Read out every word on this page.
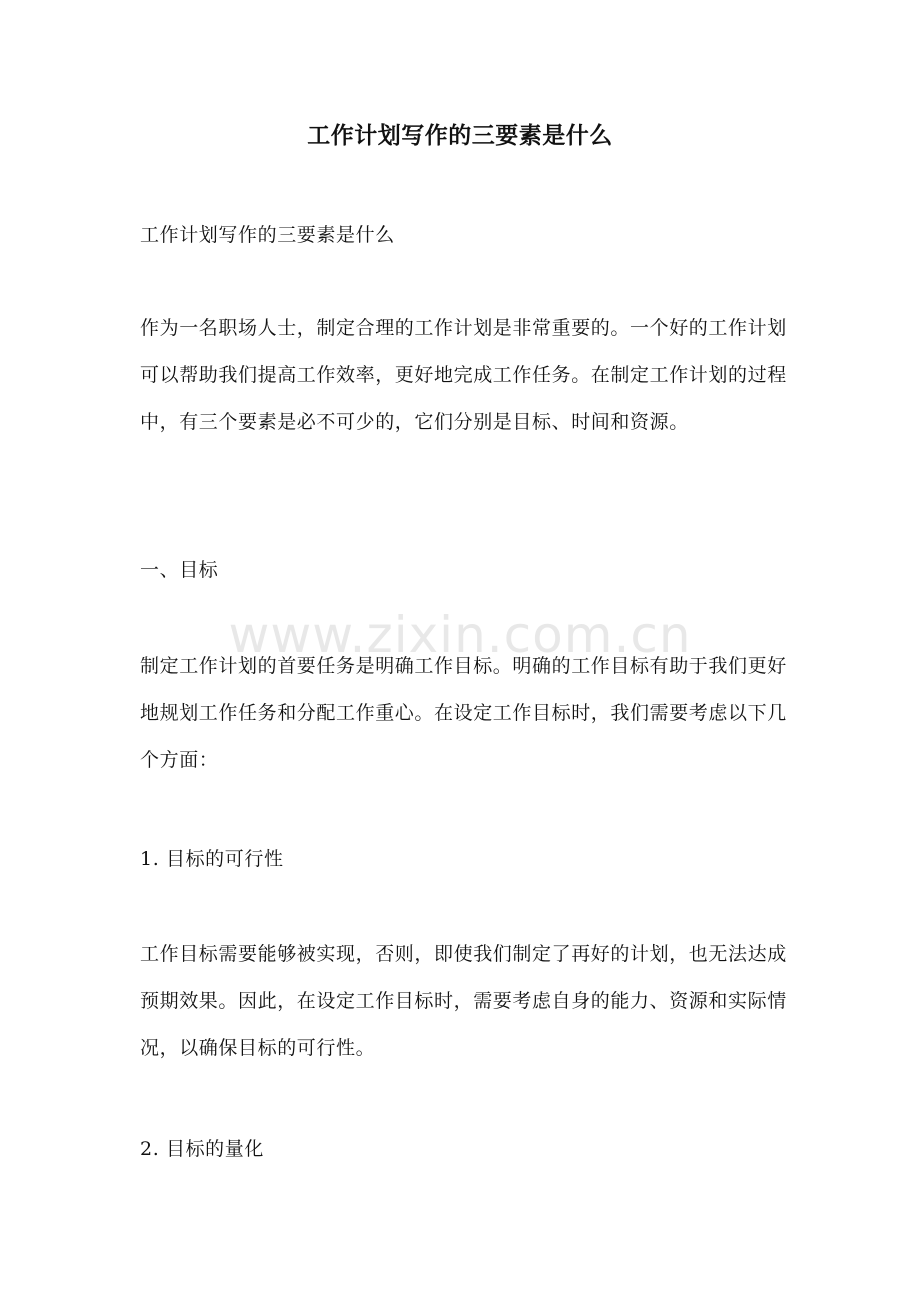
工作计划写作的三要素是什么
工作计划写作的三要素是什么
作为一名职场人士，制定合理的工作计划是非常重要的。一个好的工作计划可以帮助我们提高工作效率，更好地完成工作任务。在制定工作计划的过程中，有三个要素是必不可少的，它们分别是目标、时间和资源。
一、目标
制定工作计划的首要任务是明确工作目标。明确的工作目标有助于我们更好地规划工作任务和分配工作重心。在设定工作目标时，我们需要考虑以下几个方面：
1. 目标的可行性
工作目标需要能够被实现，否则，即使我们制定了再好的计划，也无法达成预期效果。因此，在设定工作目标时，需要考虑自身的能力、资源和实际情况，以确保目标的可行性。
2. 目标的量化
www.zixin.com.cn
